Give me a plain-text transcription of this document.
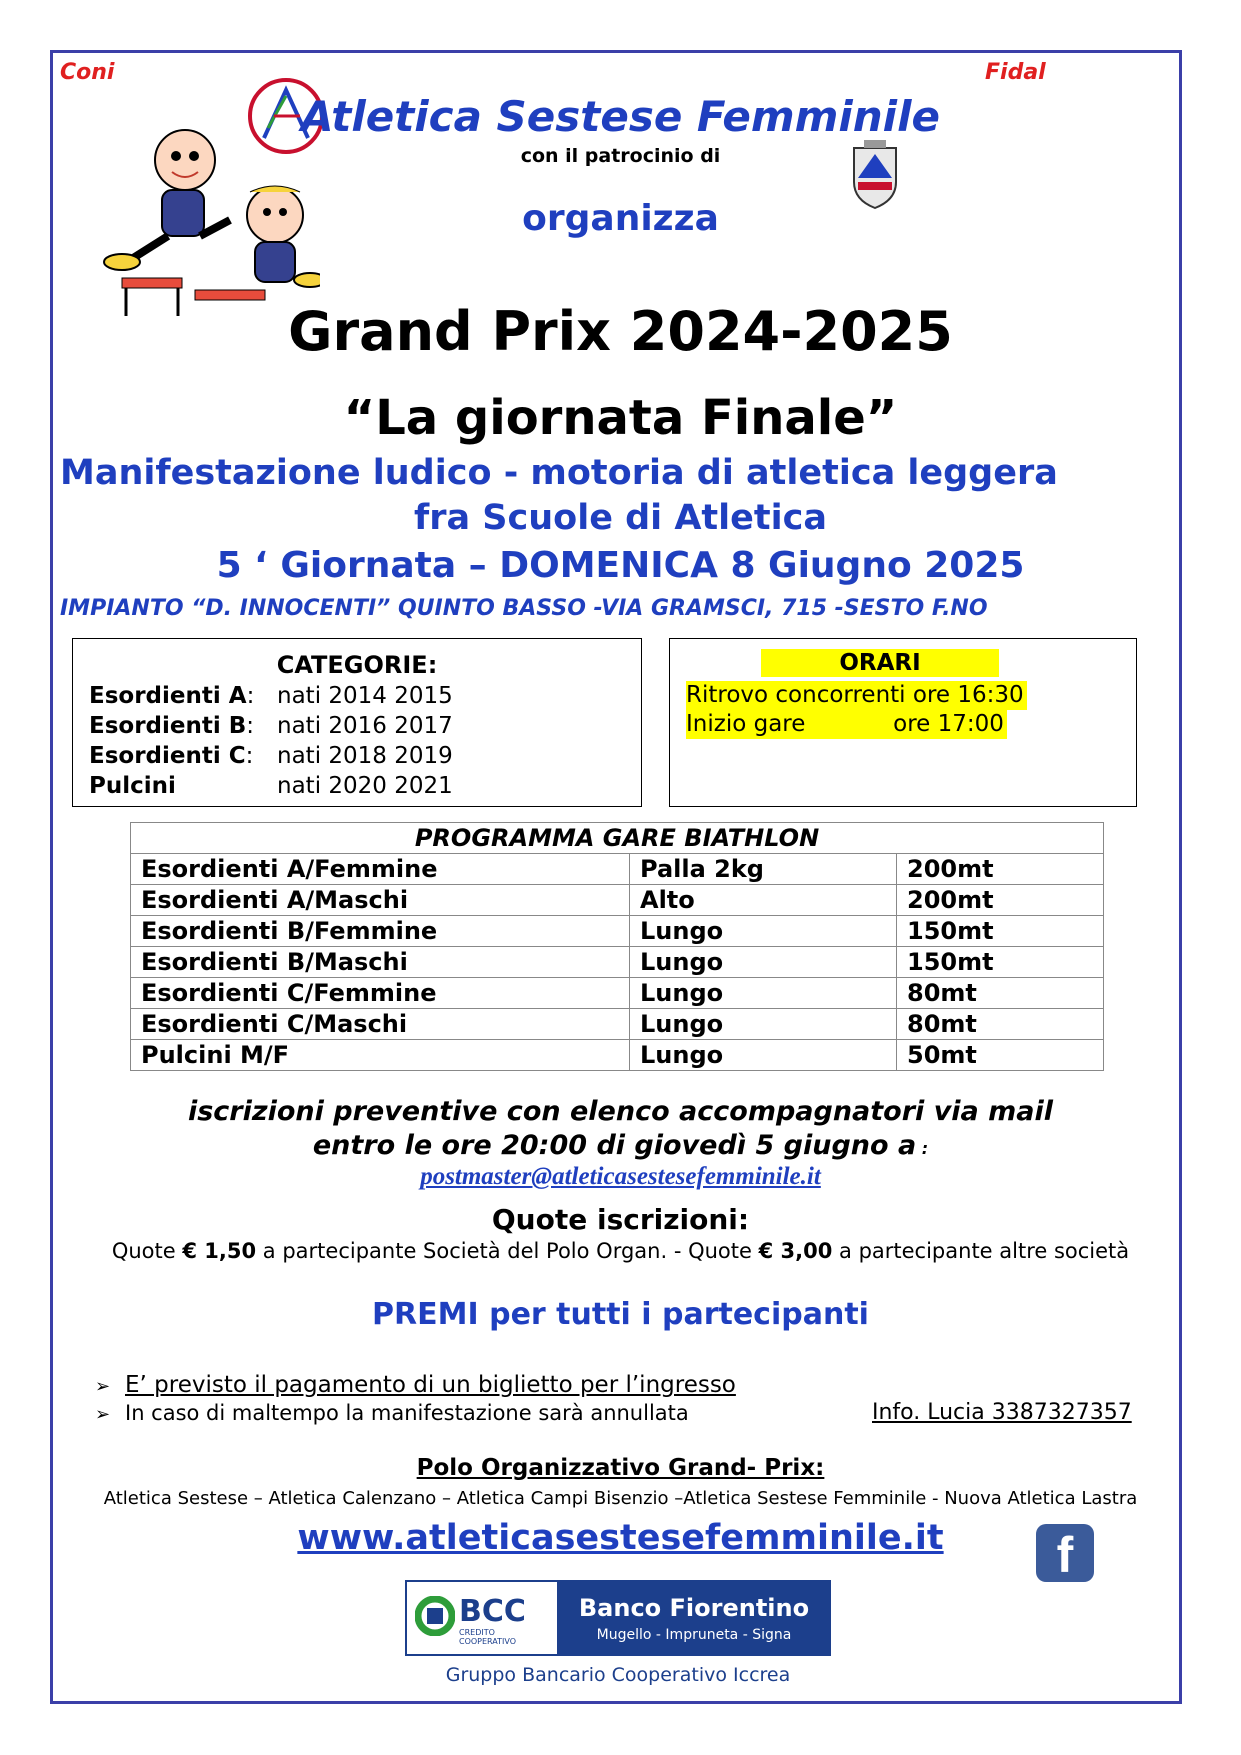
Coni	Fidal
Atletica Sestese Femminile
con il patrocinio di
organizza
Grand Prix 2024-2025
“La giornata Finale”
Manifestazione ludico - motoria di atletica leggera
fra Scuole di Atletica
5 ‘ Giornata – DOMENICA 8 Giugno 2025
IMPIANTO “D. INNOCENTI” QUINTO BASSO -VIA GRAMSCI, 715 -SESTO F.NO
CATEGORIE:
Esordienti A: nati 2014 2015
Esordienti B: nati 2016 2017
Esordienti C: nati 2018 2019
Pulcini	nati 2020 2021
ORARI
Ritrovo concorrenti ore 16:30
Inizio gare            ore 17:00
PROGRAMMA GARE BIATHLON		
Esordienti A/Femmine	Palla 2kg	200mt
Esordienti A/Maschi	Alto	200mt
Esordienti B/Femmine	Lungo	150mt
Esordienti B/Maschi	Lungo	150mt
Esordienti C/Femmine	Lungo	80mt
Esordienti C/Maschi	Lungo	80mt
Pulcini M/F	Lungo	50mt
iscrizioni preventive con elenco accompagnatori via mail
entro le ore 20:00 di giovedì 5 giugno a :
postmaster@atleticasestesefemminile.it
Quote iscrizioni:
Quote € 1,50 a partecipante Società del Polo Organ. - Quote € 3,00 a partecipante altre società
PREMI per tutti i partecipanti
➢ E’ previsto il pagamento di un biglietto per l’ingresso
➢ In caso di maltempo la manifestazione sarà annullata	Info. Lucia 3387327357
Polo Organizzativo Grand- Prix:
Atletica Sestese – Atletica Calenzano – Atletica Campi Bisenzio –Atletica Sestese Femminile - Nuova Atletica Lastra
www.atleticasestesefemminile.it	f
BCC
CREDITO COOPERATIVO
Banco Fiorentino
Mugello - Impruneta - Signa
Gruppo Bancario Cooperativo Iccrea
